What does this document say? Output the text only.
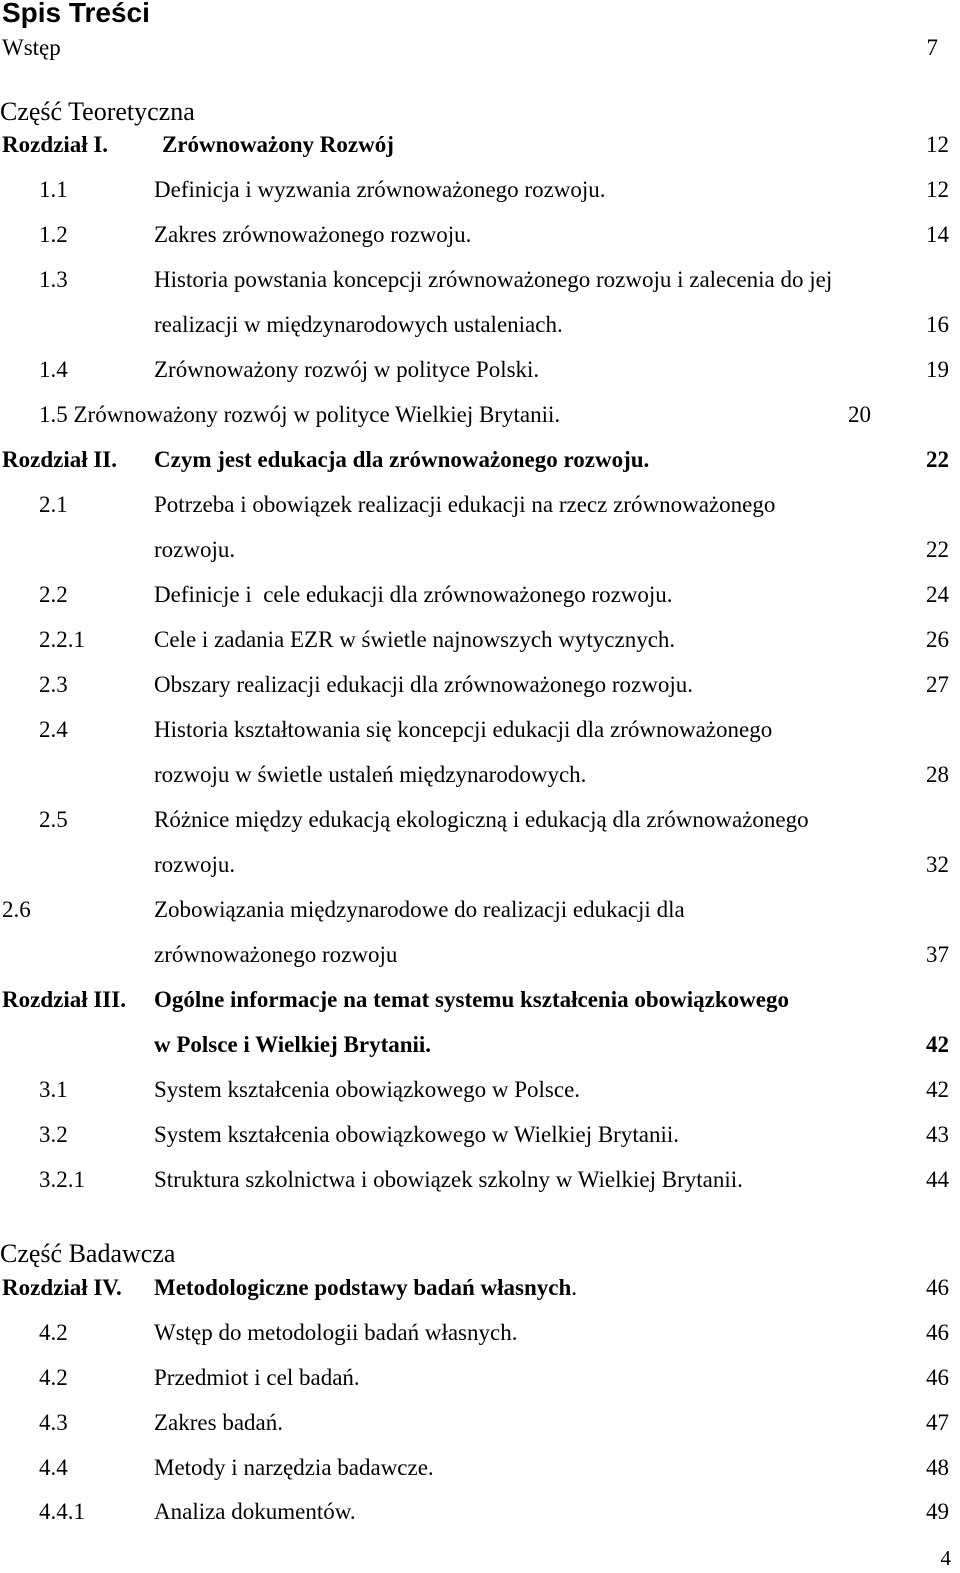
Spis Treści
Wstęp	7
Część Teoretyczna
Rozdział I. Zrównoważony Rozwój	12
1.1	Definicja i wyzwania zrównoważonego rozwoju.	12
1.2	Zakres zrównoważonego rozwoju.	14
1.3	Historia powstania koncepcji zrównoważonego rozwoju i zalecenia do jej
realizacji w międzynarodowych ustaleniach.	16
1.4	Zrównoważony rozwój w polityce Polski.	19
1.5 Zrównoważony rozwój w polityce Wielkiej Brytanii.	20
Rozdział II. Czym jest edukacja dla zrównoważonego rozwoju.	22
2.1	Potrzeba i obowiązek realizacji edukacji na rzecz zrównoważonego
rozwoju.	22
2.2	Definicje i  cele edukacji dla zrównoważonego rozwoju.	24
2.2.1	Cele i zadania EZR w świetle najnowszych wytycznych.	26
2.3	Obszary realizacji edukacji dla zrównoważonego rozwoju.	27
2.4	Historia kształtowania się koncepcji edukacji dla zrównoważonego
rozwoju w świetle ustaleń międzynarodowych.	28
2.5	Różnice między edukacją ekologiczną i edukacją dla zrównoważonego
rozwoju.	32
2.6	Zobowiązania międzynarodowe do realizacji edukacji dla
zrównoważonego rozwoju	37
Rozdział III. Ogólne informacje na temat systemu kształcenia obowiązkowego
w Polsce i Wielkiej Brytanii.	42
3.1	System kształcenia obowiązkowego w Polsce.	42
3.2	System kształcenia obowiązkowego w Wielkiej Brytanii.	43
3.2.1	Struktura szkolnictwa i obowiązek szkolny w Wielkiej Brytanii.	44
Część Badawcza
Rozdział IV. Metodologiczne podstawy badań własnych.	46
4.2	Wstęp do metodologii badań własnych.	46
4.2	Przedmiot i cel badań.	46
4.3	Zakres badań.	47
4.4	Metody i narzędzia badawcze.	48
4.4.1	Analiza dokumentów.	49
4
